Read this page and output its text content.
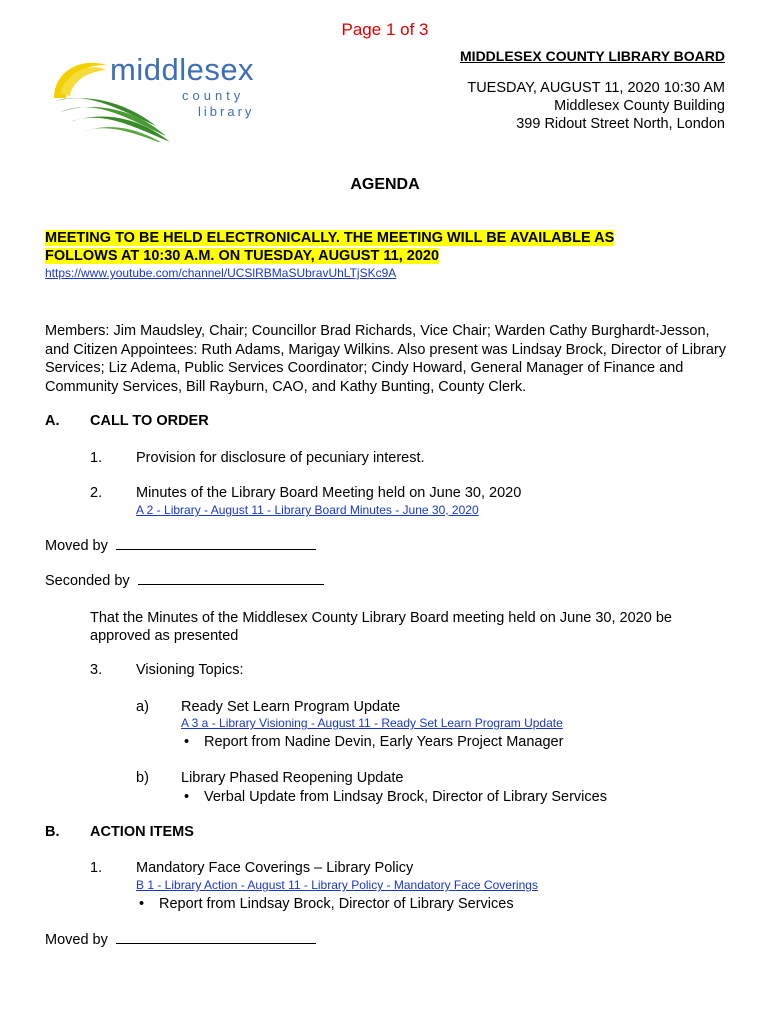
Page 1 of 3
middlesex
county
library
MIDDLESEX COUNTY LIBRARY BOARD
TUESDAY, AUGUST 11, 2020 10:30 AM
Middlesex County Building
399 Ridout Street North, London
AGENDA
MEETING TO BE HELD ELECTRONICALLY. THE MEETING WILL BE AVAILABLE AS
FOLLOWS AT 10:30 A.M. ON TUESDAY, AUGUST 11, 2020
https://www.youtube.com/channel/UCSlRBMaSUbravUhLTjSKc9A
Members: Jim Maudsley, Chair; Councillor Brad Richards, Vice Chair; Warden Cathy Burghardt-Jesson, and Citizen Appointees: Ruth Adams, Marigay Wilkins. Also present was Lindsay Brock, Director of Library Services; Liz Adema, Public Services Coordinator; Cindy Howard, General Manager of Finance and Community Services, Bill Rayburn, CAO, and Kathy Bunting, County Clerk.
A. CALL TO ORDER
1. Provision for disclosure of pecuniary interest.
2. Minutes of the Library Board Meeting held on June 30, 2020
A 2 - Library - August 11 - Library Board Minutes - June 30, 2020
Moved by
Seconded by
That the Minutes of the Middlesex County Library Board meeting held on June 30, 2020 be approved as presented
3. Visioning Topics:
a) Ready Set Learn Program Update
A 3 a - Library Visioning - August 11 - Ready Set Learn Program Update
• Report from Nadine Devin, Early Years Project Manager
b) Library Phased Reopening Update
• Verbal Update from Lindsay Brock, Director of Library Services
B. ACTION ITEMS
1. Mandatory Face Coverings – Library Policy
B 1 - Library Action - August 11 - Library Policy - Mandatory Face Coverings
• Report from Lindsay Brock, Director of Library Services
Moved by
